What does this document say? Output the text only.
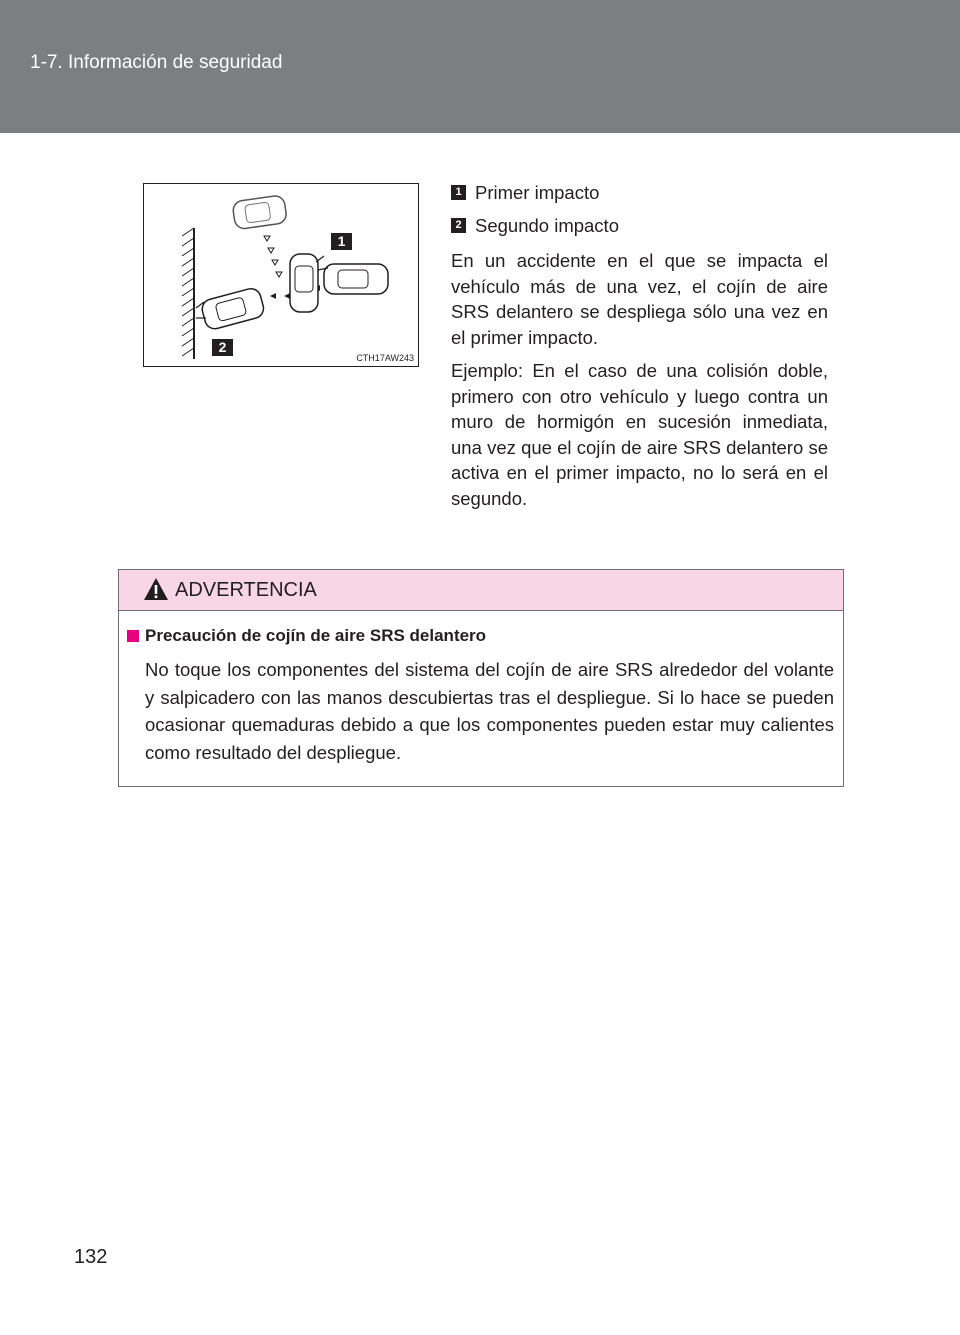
1-7. Información de seguridad
1
2
CTH17AW243
1 Primer impacto
2 Segundo impacto

En un accidente en el que se impacta el vehículo más de una vez, el cojín de aire SRS delantero se despliega sólo una vez en el primer impacto.

Ejemplo: En el caso de una colisión doble, primero con otro vehículo y luego contra un muro de hormigón en sucesión inmediata, una vez que el cojín de aire SRS delantero se activa en el primer impacto, no lo será en el segundo.

ADVERTENCIA
Precaución de cojín de aire SRS delantero
No toque los componentes del sistema del cojín de aire SRS alrededor del volante y salpicadero con las manos descubiertas tras el despliegue. Si lo hace se pueden ocasionar quemaduras debido a que los componentes pueden estar muy calientes como resultado del despliegue.
132
